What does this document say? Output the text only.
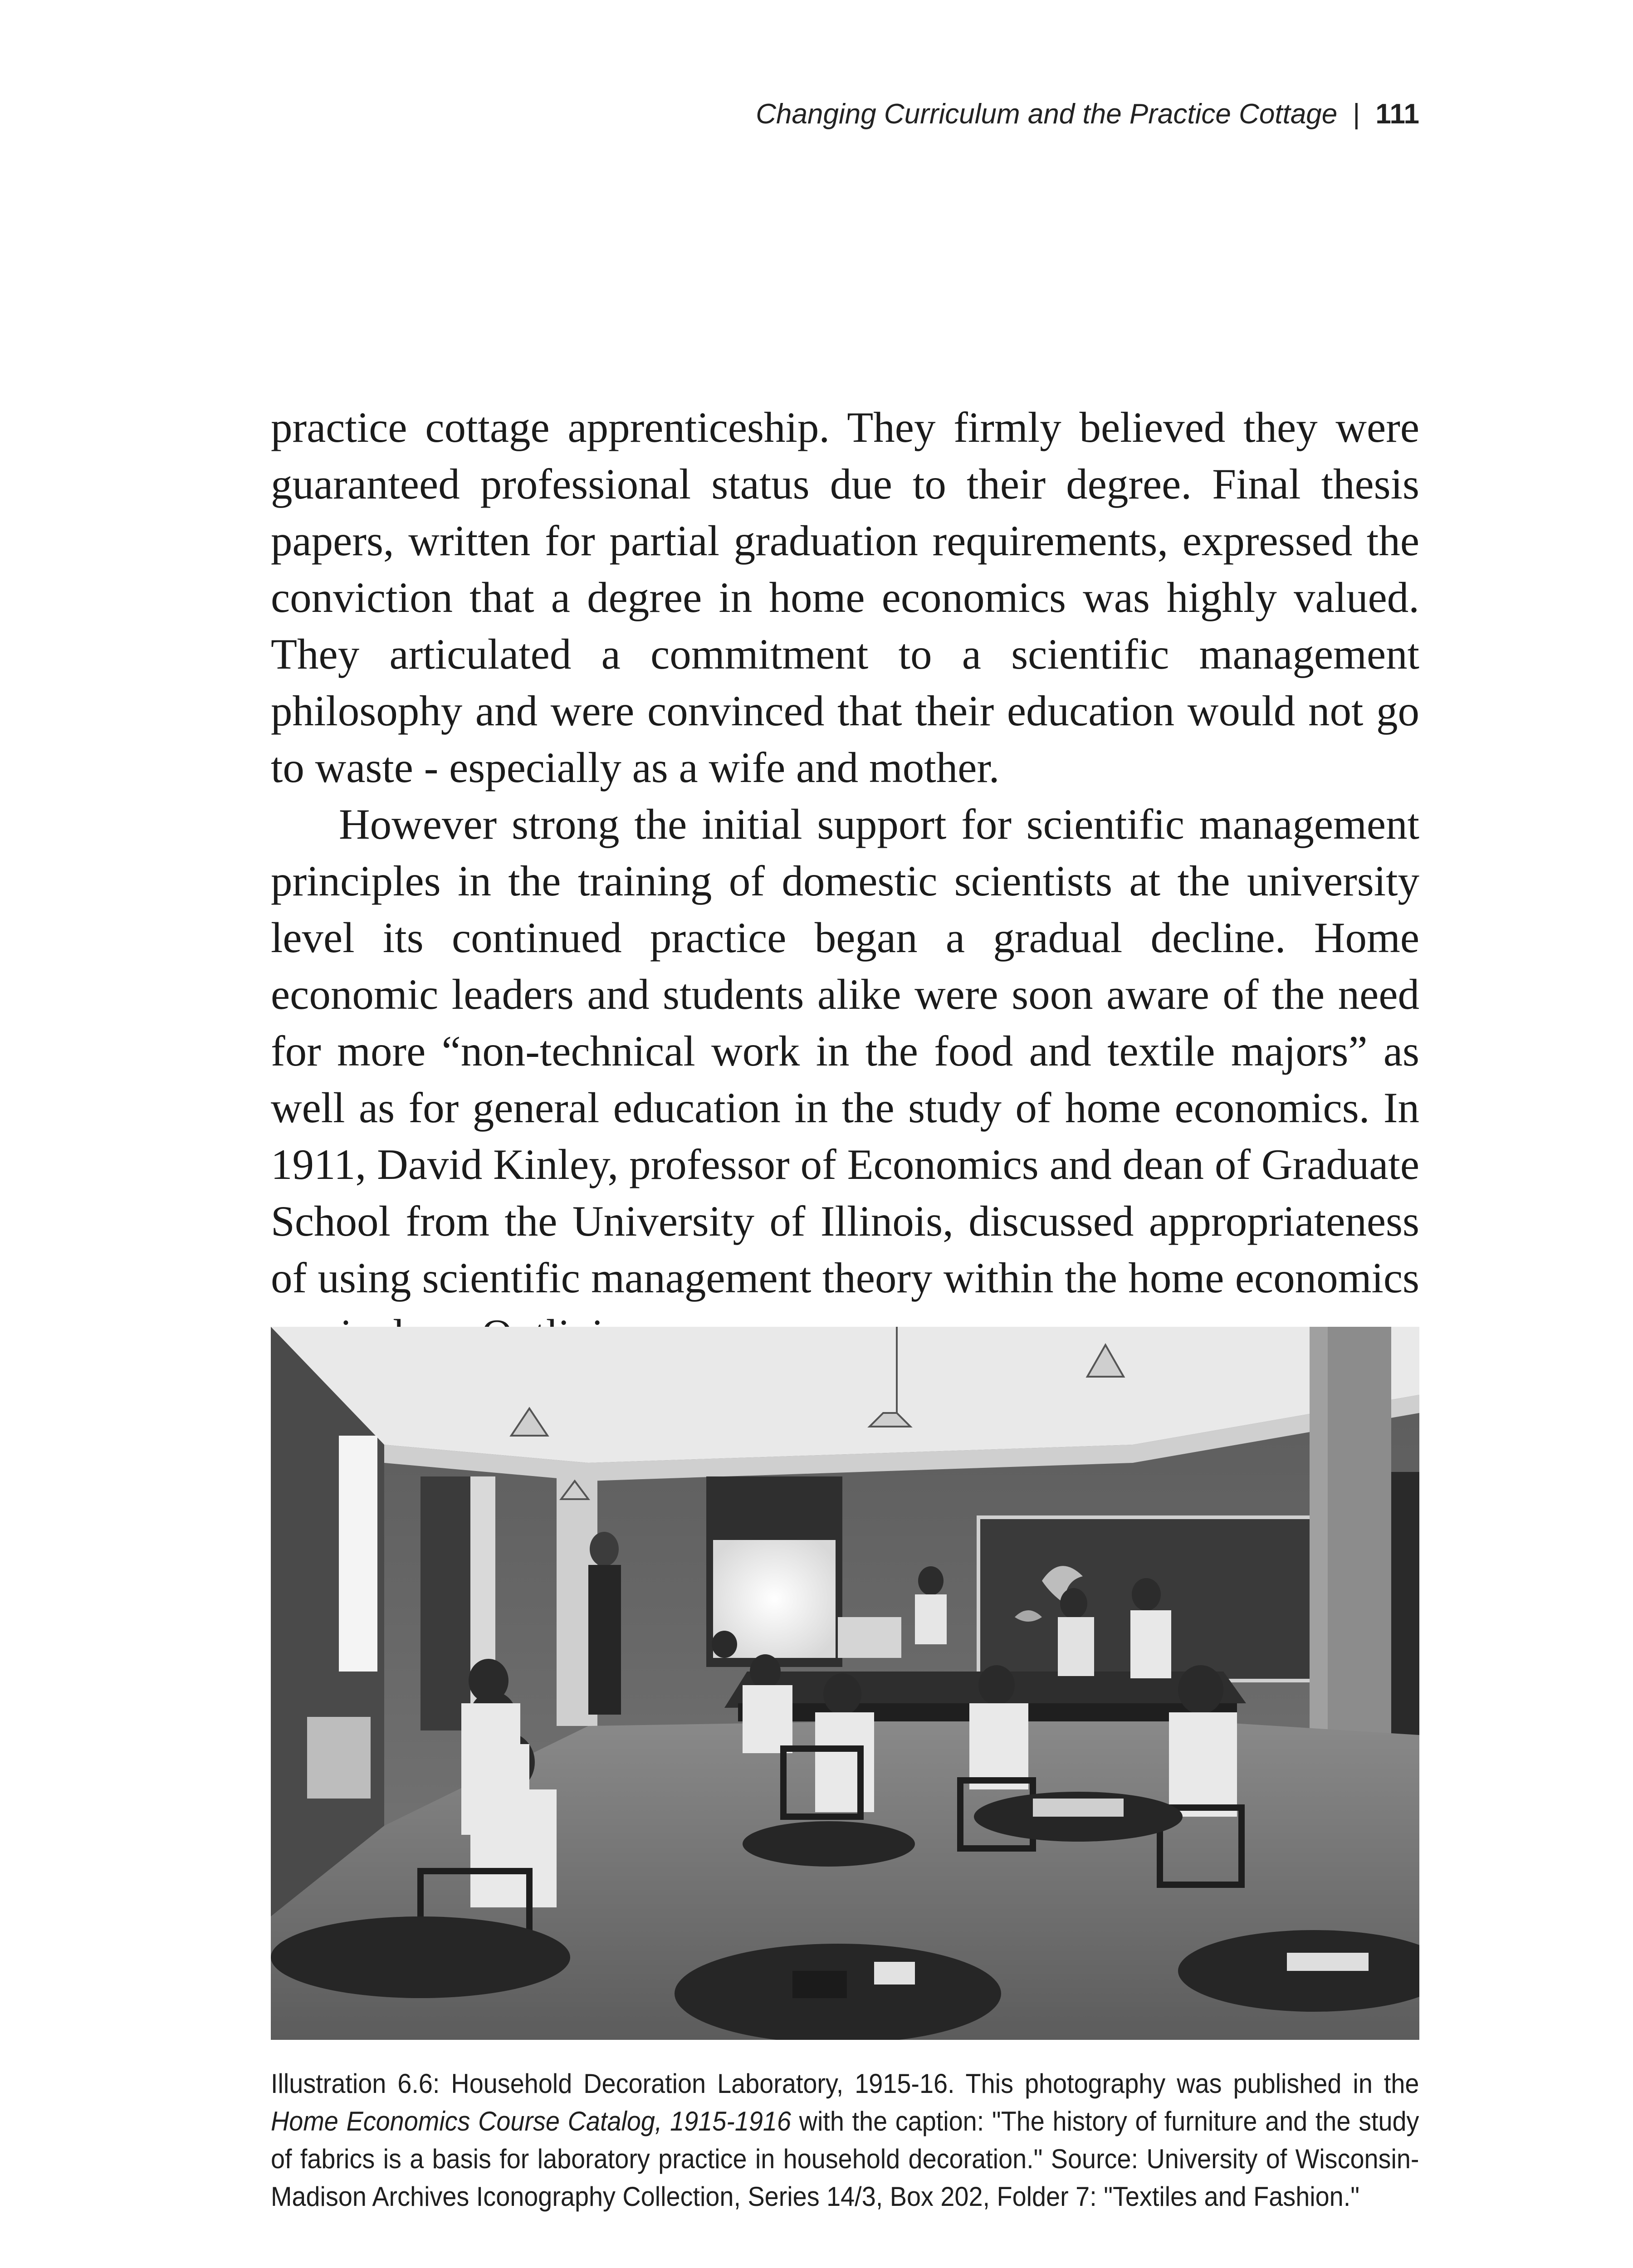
Changing Curriculum and the Practice Cottage | 111

practice cottage apprenticeship. They firmly believed they were guaranteed professional status due to their degree. Final thesis papers, written for partial graduation requirements, expressed the conviction that a degree in home economics was highly valued. They articulated a commitment to a scientific management philosophy and were convinced that their education would not go to waste - especially as a wife and mother.

However strong the initial support for scientific management principles in the training of domestic scientists at the university level its continued practice began a gradual decline. Home economic leaders and students alike were soon aware of the need for more “non-technical work in the food and textile majors” as well as for general education in the study of home economics. In 1911, David Kinley, professor of Economics and dean of Graduate School from the University of Illinois, discussed appropriateness of using scientific management theory within the home economics

Illustration 6.6: Household Decoration Laboratory, 1915-16. This photography was published in the Home Economics Course Catalog, 1915-1916 with the caption: "The history of furniture and the study of fabrics is a basis for laboratory practice in household decoration." Source: University of Wisconsin-Madison Archives Iconography Collection, Series 14/3, Box 202, Folder 7: "Textiles and Fashion."
